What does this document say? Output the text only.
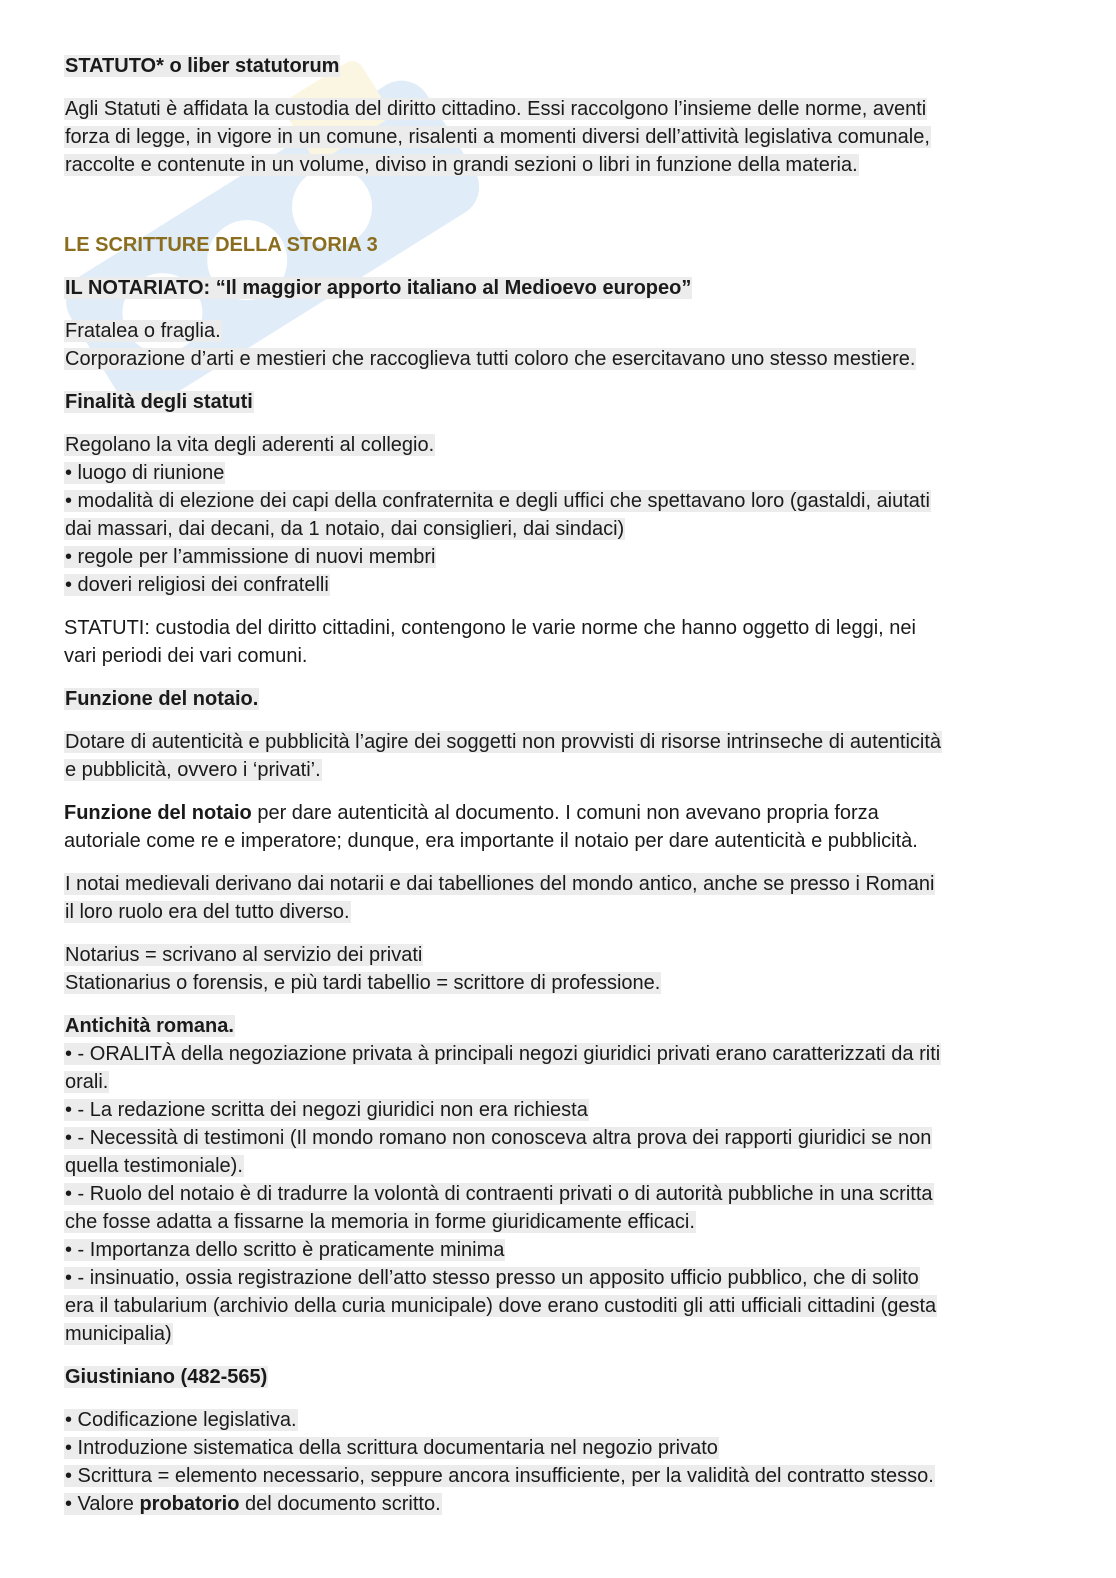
STATUTO* o liber statutorum
Agli Statuti è affidata la custodia del diritto cittadino. Essi raccolgono l’insieme delle norme, aventi
forza di legge, in vigore in un comune, risalenti a momenti diversi dell’attività legislativa comunale,
raccolte e contenute in un volume, diviso in grandi sezioni o libri in funzione della materia.
LE SCRITTURE DELLA STORIA 3
IL NOTARIATO: “Il maggior apporto italiano al Medioevo europeo”
Fratalea o fraglia.
Corporazione d’arti e mestieri che raccoglieva tutti coloro che esercitavano uno stesso mestiere.
Finalità degli statuti
Regolano la vita degli aderenti al collegio.
• luogo di riunione
• modalità di elezione dei capi della confraternita e degli uffici che spettavano loro (gastaldi, aiutati
dai massari, dai decani, da 1 notaio, dai consiglieri, dai sindaci)
• regole per l’ammissione di nuovi membri
• doveri religiosi dei confratelli
STATUTI: custodia del diritto cittadini, contengono le varie norme che hanno oggetto di leggi, nei
vari periodi dei vari comuni.
Funzione del notaio.
Dotare di autenticità e pubblicità l’agire dei soggetti non provvisti di risorse intrinseche di autenticità
e pubblicità, ovvero i ‘privati’.
Funzione del notaio per dare autenticità al documento. I comuni non avevano propria forza
autoriale come re e imperatore; dunque, era importante il notaio per dare autenticità e pubblicità.
I notai medievali derivano dai notarii e dai tabelliones del mondo antico, anche se presso i Romani
il loro ruolo era del tutto diverso.
Notarius = scrivano al servizio dei privati
Stationarius o forensis, e più tardi tabellio = scrittore di professione.
Antichità romana.
• - ORALITÀ della negoziazione privata à principali negozi giuridici privati erano caratterizzati da riti
orali.
• - La redazione scritta dei negozi giuridici non era richiesta
• - Necessità di testimoni (Il mondo romano non conosceva altra prova dei rapporti giuridici se non
quella testimoniale).
• - Ruolo del notaio è di tradurre la volontà di contraenti privati o di autorità pubbliche in una scritta
che fosse adatta a fissarne la memoria in forme giuridicamente efficaci.
• - Importanza dello scritto è praticamente minima
• - insinuatio, ossia registrazione dell’atto stesso presso un apposito ufficio pubblico, che di solito
era il tabularium (archivio della curia municipale) dove erano custoditi gli atti ufficiali cittadini (gesta
municipalia)
Giustiniano (482-565)
• Codificazione legislativa.
• Introduzione sistematica della scrittura documentaria nel negozio privato
• Scrittura = elemento necessario, seppure ancora insufficiente, per la validità del contratto stesso.
• Valore probatorio del documento scritto.
